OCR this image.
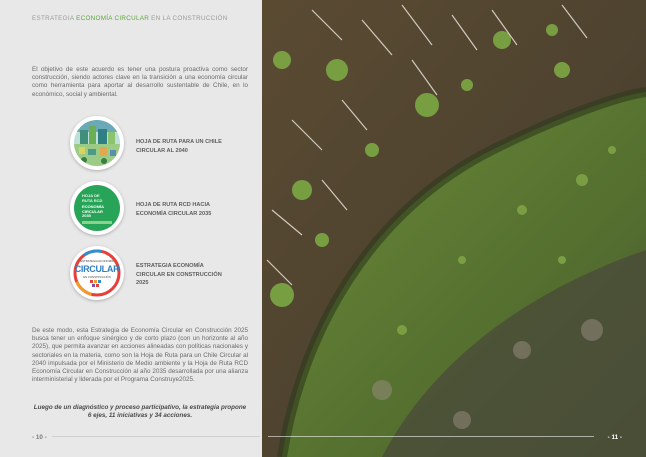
ESTRATEGIA ECONOMÍA CIRCULAR EN LA CONSTRUCCIÓN
El objetivo de este acuerdo es tener una postura proactiva como sector construcción, siendo actores clave en la transición a una economía circular como herramienta para aportar al desarrollo sustentable de Chile, en lo económico, social y ambiental.
HOJA DE RUTA PARA UN CHILE
CIRCULAR AL 2040
HOJA DE
RUTA RCD
ECONOMÍA CIRCULAR
2035
HOJA DE RUTA RCD HACIA
ECONOMÍA CIRCULAR 2035
ESTRATEGIA ECONOMÍA
CIRCULAR
EN CONSTRUCCIÓN
ESTRATEGIA ECONOMÍA
CIRCULAR EN CONSTRUCCIÓN
2025
De este modo, esta Estrategia de Economía Circular en Construcción 2025 busca tener un enfoque sinérgico y de corto plazo (con un horizonte al año 2025), que permita avanzar en acciones alineadas con políticas nacionales y sectoriales en la materia, como son la Hoja de Ruta para un Chile Circular al 2040 impulsada por el Ministerio de Medio ambiente y la Hoja de Ruta RCD Economía Circular en Construcción al año 2035 desarrollada por una alianza interministerial y liderada por el Programa Construye2025.
Luego de un diagnóstico y proceso participativo, la estrategia propone
6 ejes, 11 iniciativas y 34 acciones.
- 10 -	- 11 -
